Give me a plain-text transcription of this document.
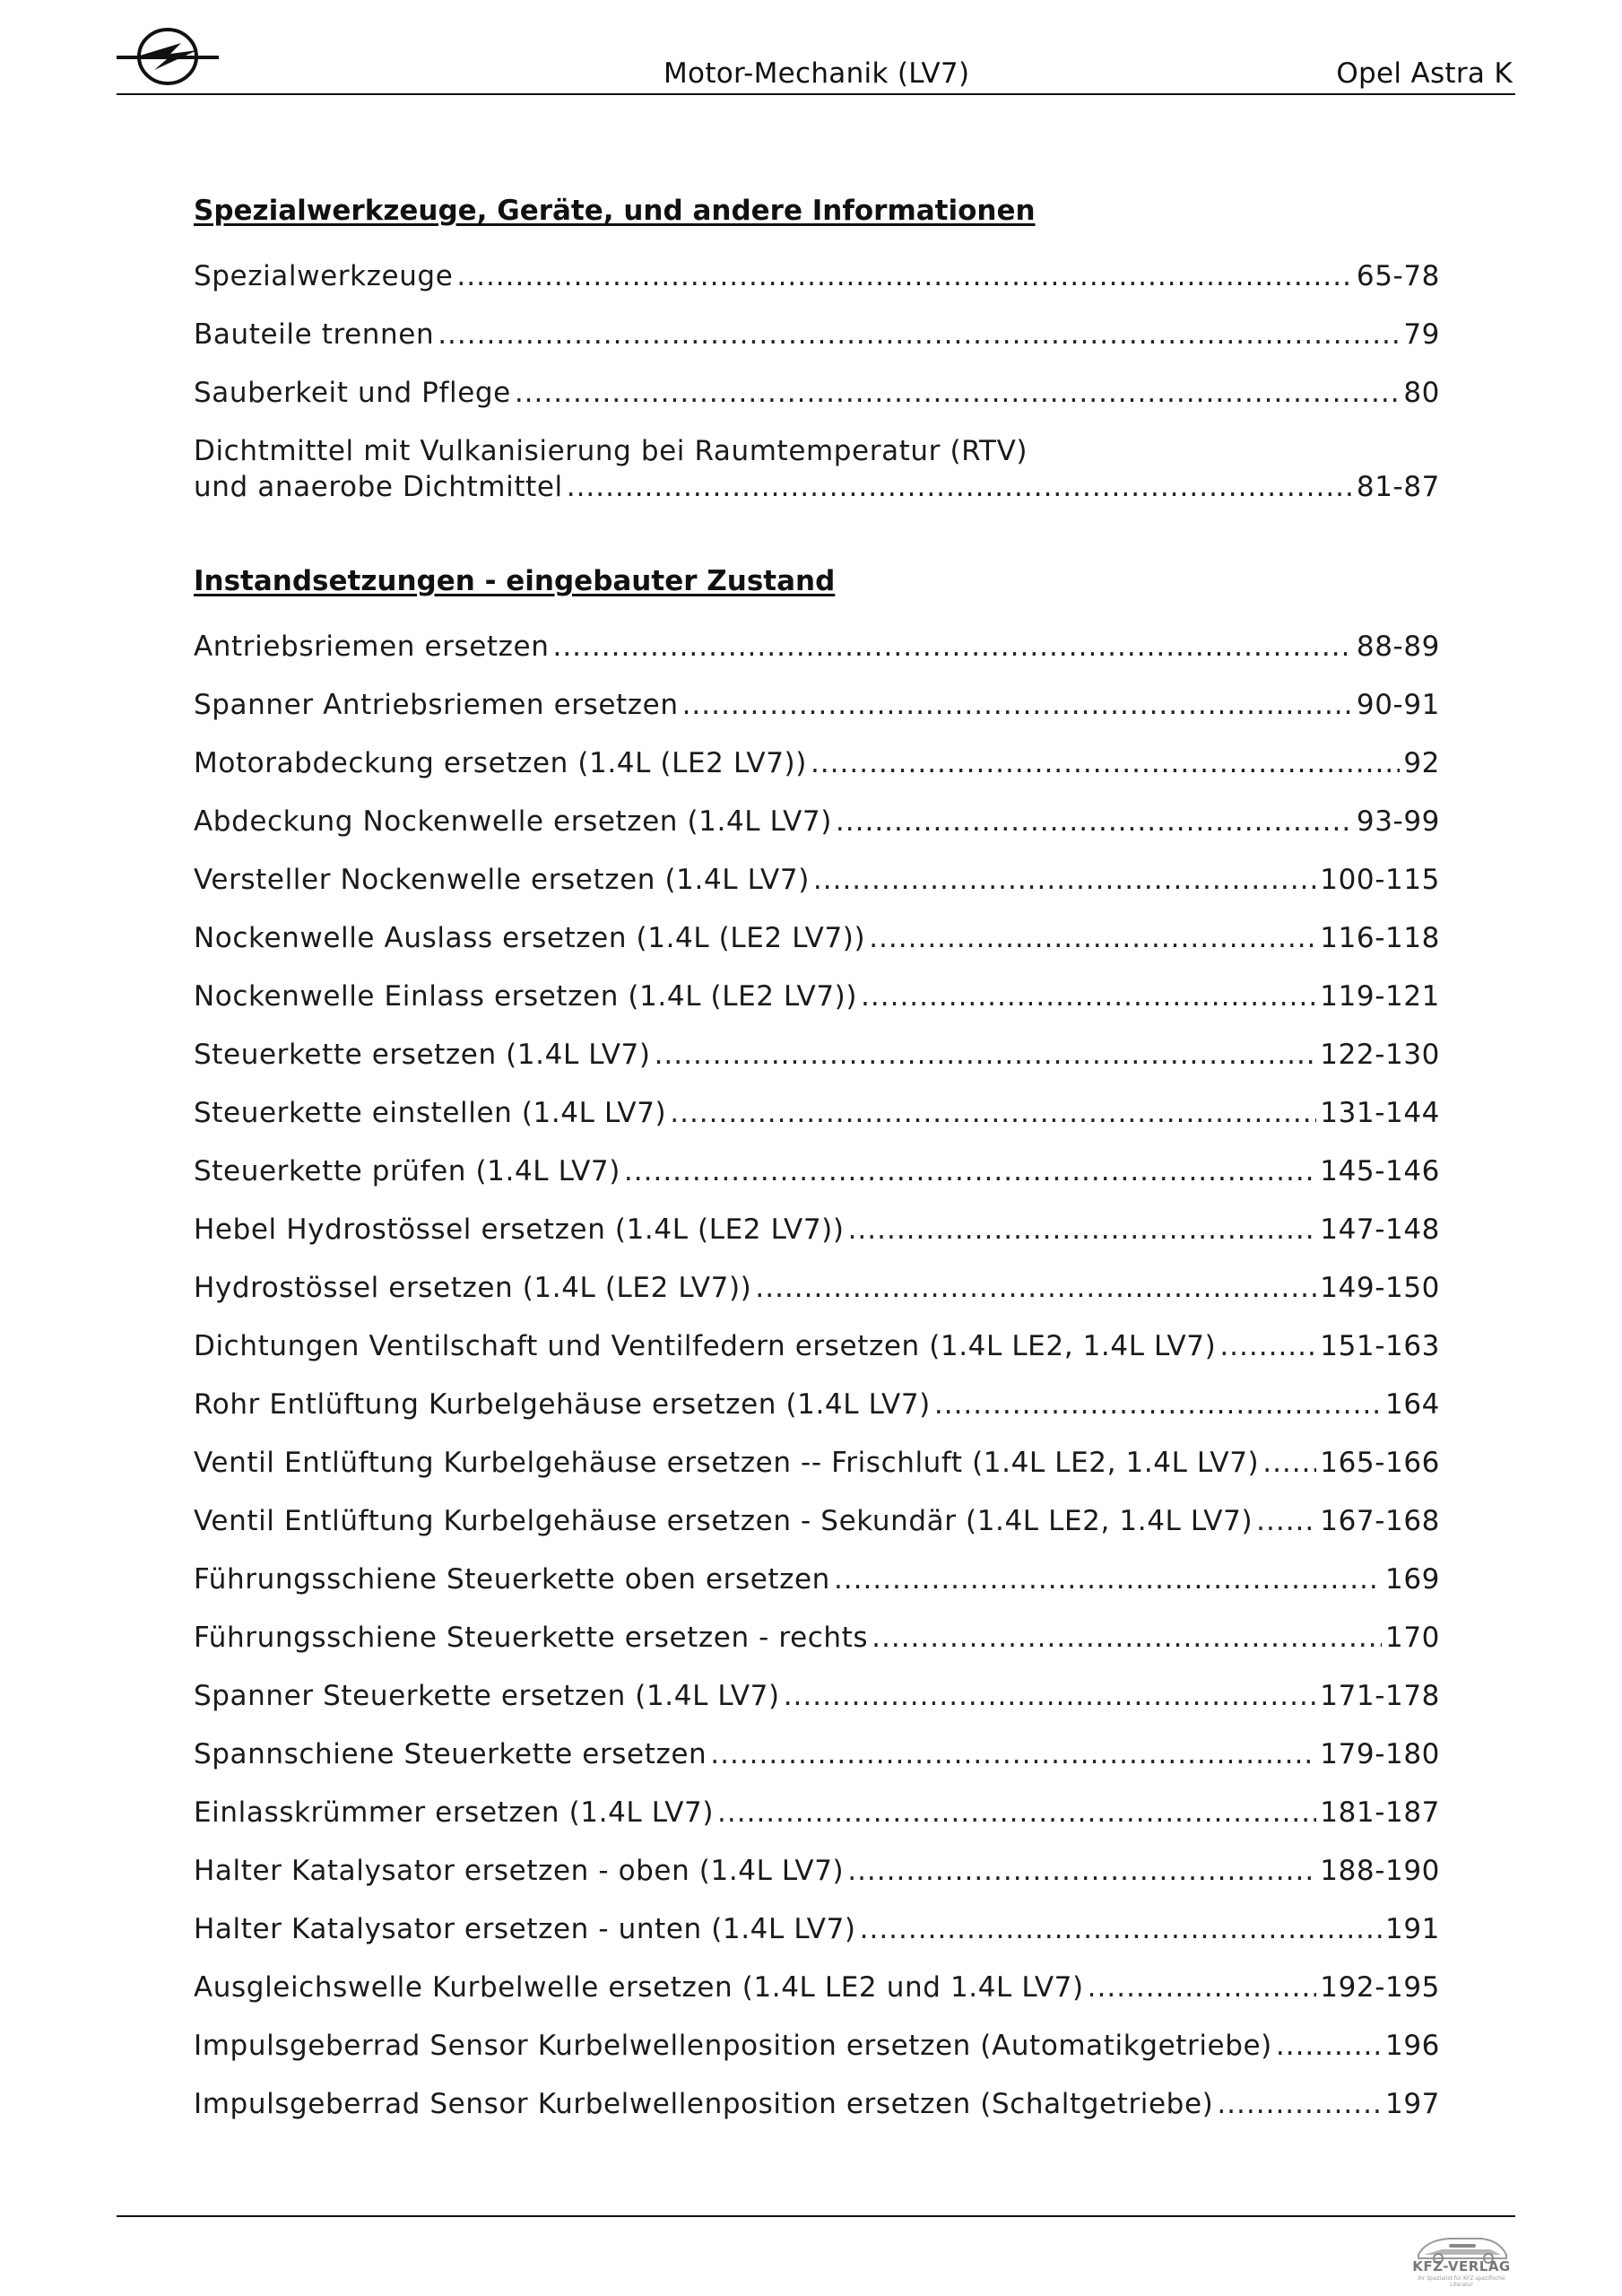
Motor-Mechanik (LV7)	Opel Astra K
Spezialwerkzeuge, Geräte, und andere Informationen
Spezialwerkzeuge .....	65-78
Bauteile trennen .....	79
Sauberkeit und Pflege .....	80
Dichtmittel mit Vulkanisierung bei Raumtemperatur (RTV)
und anaerobe Dichtmittel .....	81-87
Instandsetzungen - eingebauter Zustand
Antriebsriemen ersetzen .....	88-89
Spanner Antriebsriemen ersetzen .....	90-91
Motorabdeckung ersetzen (1.4L (LE2 LV7)) .....	92
Abdeckung Nockenwelle ersetzen (1.4L LV7) .....	93-99
Versteller Nockenwelle ersetzen (1.4L LV7) .....	100-115
Nockenwelle Auslass ersetzen (1.4L (LE2 LV7)) .....	116-118
Nockenwelle Einlass ersetzen (1.4L (LE2 LV7)) .....	119-121
Steuerkette ersetzen (1.4L LV7) .....	122-130
Steuerkette einstellen (1.4L LV7) .....	131-144
Steuerkette prüfen (1.4L LV7) .....	145-146
Hebel Hydrostössel ersetzen (1.4L (LE2 LV7)) .....	147-148
Hydrostössel ersetzen (1.4L (LE2 LV7)) .....	149-150
Dichtungen Ventilschaft und Ventilfedern ersetzen (1.4L LE2, 1.4L LV7) .....	151-163
Rohr Entlüftung Kurbelgehäuse ersetzen (1.4L LV7) .....	164
Ventil Entlüftung Kurbelgehäuse ersetzen -- Frischluft (1.4L LE2, 1.4L LV7) ..... 165-166
Ventil Entlüftung Kurbelgehäuse ersetzen - Sekundär (1.4L LE2, 1.4L LV7) ..... 167-168
Führungsschiene Steuerkette oben ersetzen .....	169
Führungsschiene Steuerkette ersetzen - rechts .....	170
Spanner Steuerkette ersetzen (1.4L LV7) .....	171-178
Spannschiene Steuerkette ersetzen .....	179-180
Einlasskrümmer ersetzen (1.4L LV7) .....	181-187
Halter Katalysator ersetzen - oben (1.4L LV7) .....	188-190
Halter Katalysator ersetzen - unten (1.4L LV7) .....	191
Ausgleichswelle Kurbelwelle ersetzen (1.4L LE2 und 1.4L LV7) .....	192-195
Impulsgeberrad Sensor Kurbelwellenposition ersetzen (Automatikgetriebe) .....	196
Impulsgeberrad Sensor Kurbelwellenposition ersetzen (Schaltgetriebe) .....	197
KFZ-VERLAG
Ihr Spezialist für KFZ-spezifische Literatur
